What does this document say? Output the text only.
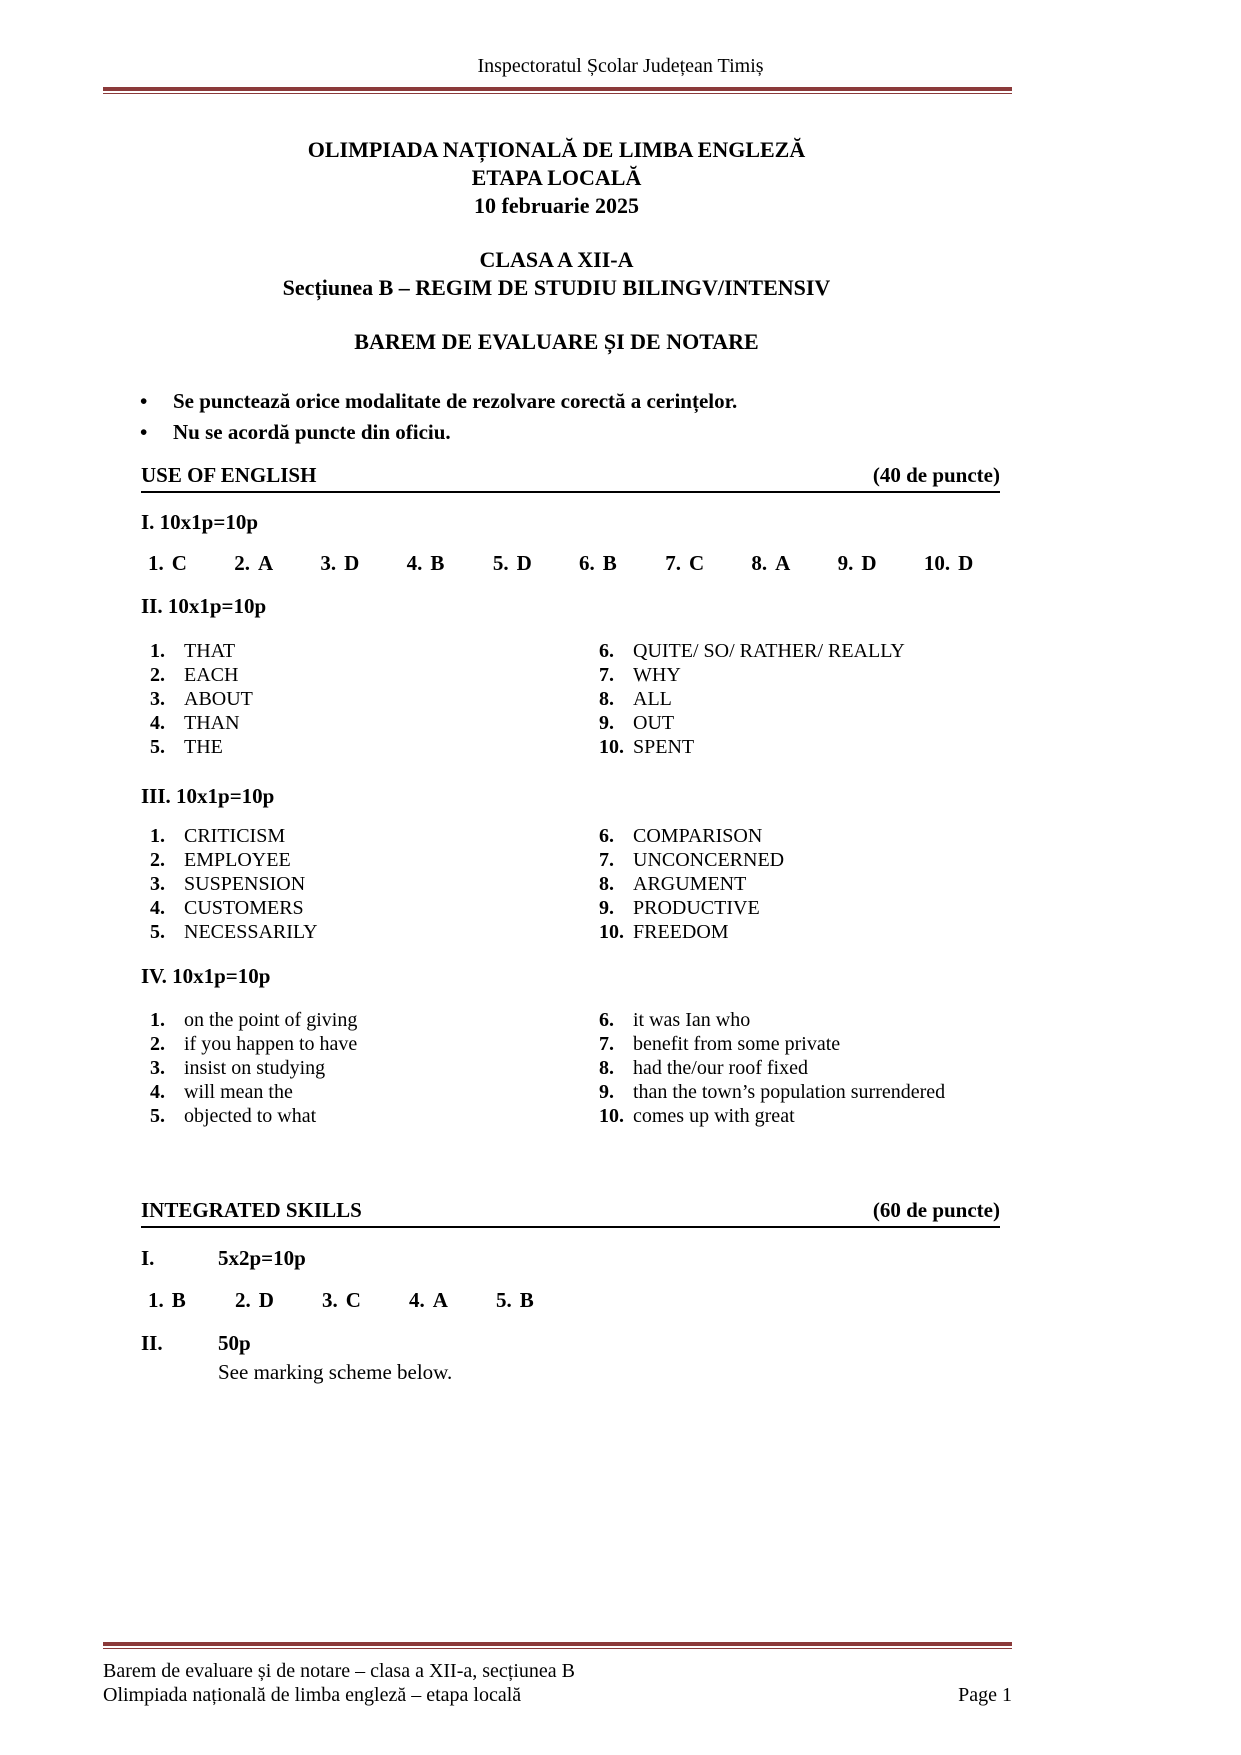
Inspectoratul Școlar Județean Timiș
OLIMPIADA NAȚIONALĂ DE LIMBA ENGLEZĂ
ETAPA LOCALĂ
10 februarie 2025
CLASA A XII-A
Secțiunea B – REGIM DE STUDIU BILINGV/INTENSIV
BAREM DE EVALUARE ȘI DE NOTARE
•	Se punctează orice modalitate de rezolvare corectă a cerințelor.
•	Nu se acordă puncte din oficiu.
USE OF ENGLISH	(40 de puncte)
I. 10x1p=10p
1. C	2. A	3. D	4. B	5. D	6. B	7. C	8. A	9. D	10. D
II. 10x1p=10p
1. THAT
2. EACH
3. ABOUT
4. THAN
5. THE
6. QUITE/ SO/ RATHER/ REALLY
7. WHY
8. ALL
9. OUT
10. SPENT
III. 10x1p=10p
1. CRITICISM
2. EMPLOYEE
3. SUSPENSION
4. CUSTOMERS
5. NECESSARILY
6. COMPARISON
7. UNCONCERNED
8. ARGUMENT
9. PRODUCTIVE
10. FREEDOM
IV. 10x1p=10p
1. on the point of giving
2. if you happen to have
3. insist on studying
4. will mean the
5. objected to what
6. it was Ian who
7. benefit from some private
8. had the/our roof fixed
9. than the town’s population surrendered
10. comes up with great
INTEGRATED SKILLS	(60 de puncte)
I.	5x2p=10p
1. B	2. D	3. C	4. A	5. B
II.	50p
See marking scheme below.
Barem de evaluare și de notare – clasa a XII-a, secțiunea B
Olimpiada națională de limba engleză – etapa locală	Page 1
